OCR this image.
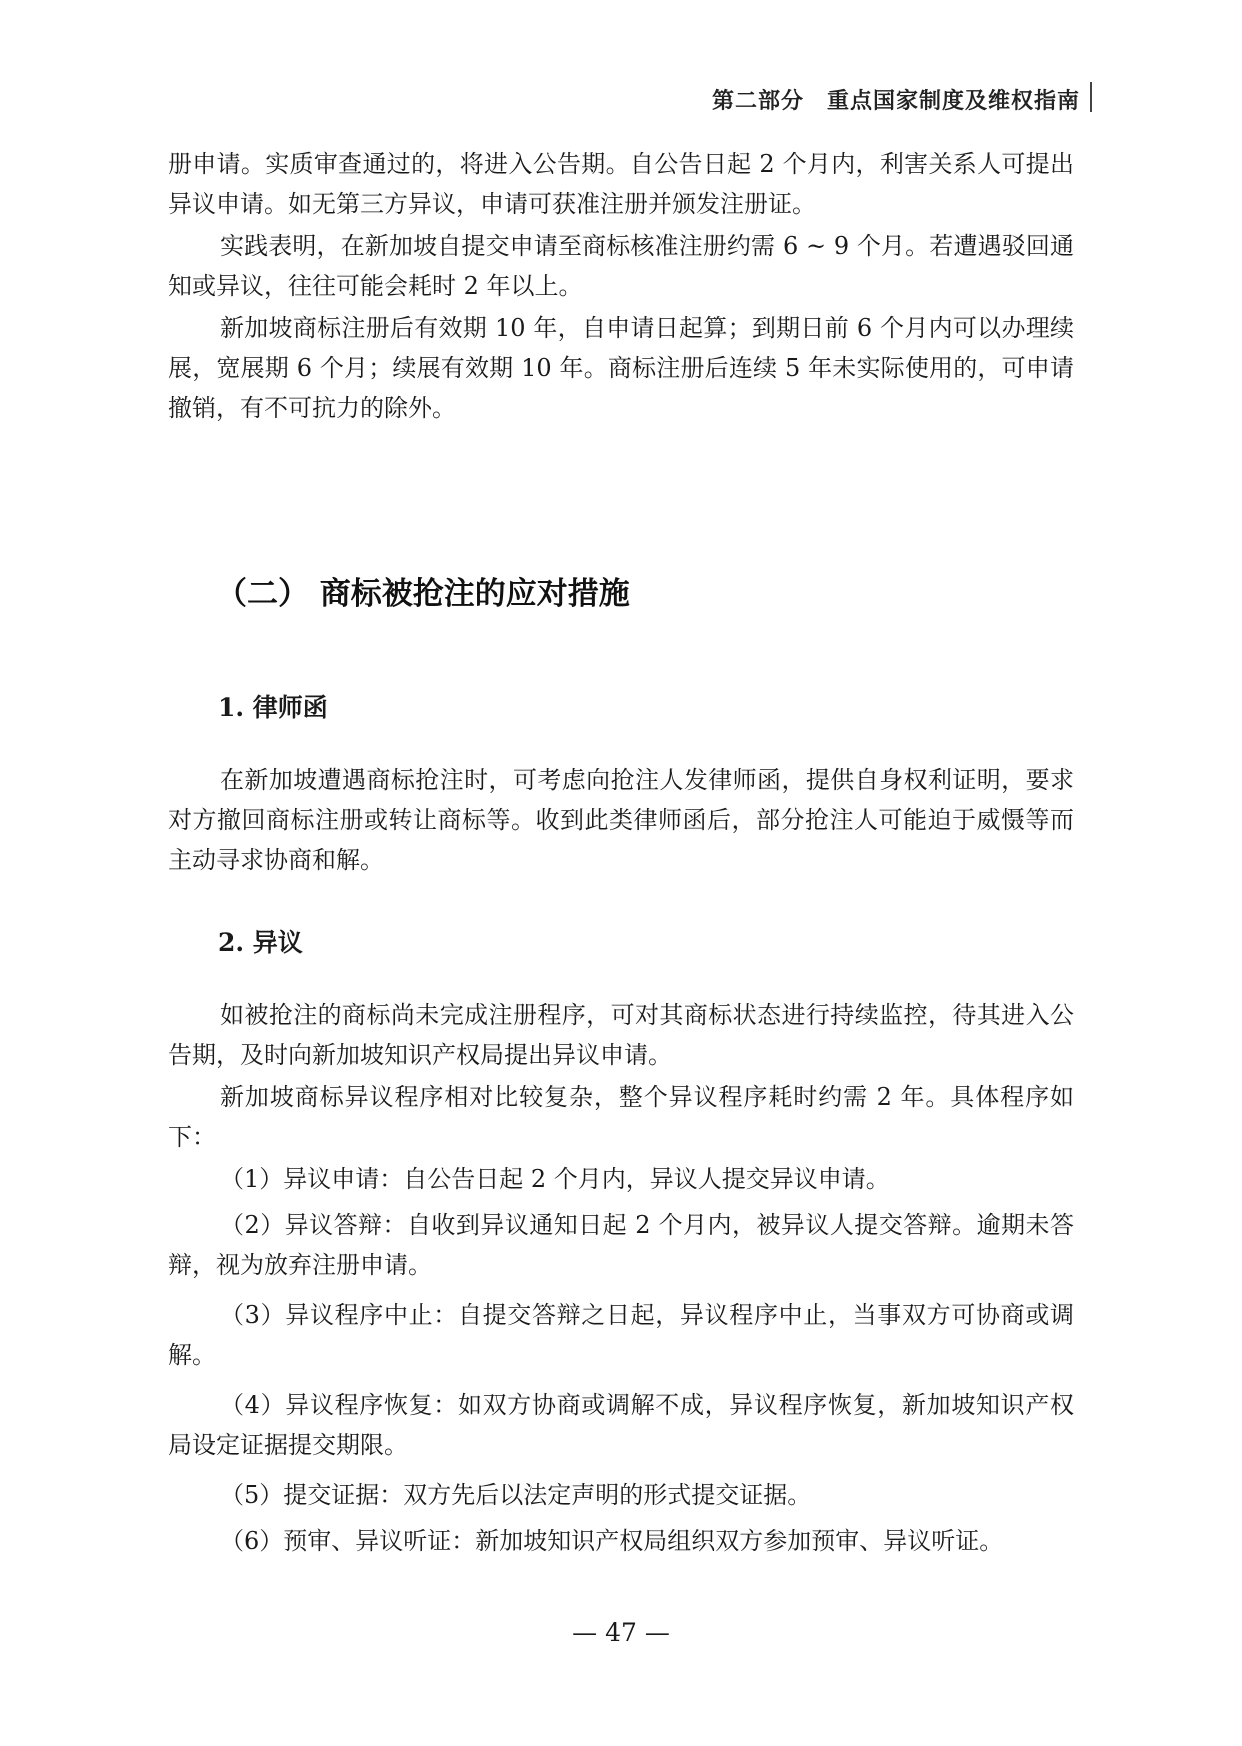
第二部分　重点国家制度及维权指南

册申请。实质审查通过的，将进入公告期。自公告日起 2 个月内，利害关系人可提出异议申请。如无第三方异议，申请可获准注册并颁发注册证。

实践表明，在新加坡自提交申请至商标核准注册约需 6 ~ 9 个月。若遭遇驳回通知或异议，往往可能会耗时 2 年以上。

新加坡商标注册后有效期 10 年，自申请日起算；到期日前 6 个月内可以办理续展，宽展期 6 个月；续展有效期 10 年。商标注册后连续 5 年未实际使用的，可申请撤销，有不可抗力的除外。

（二） 商标被抢注的应对措施
1. 律师函

在新加坡遭遇商标抢注时，可考虑向抢注人发律师函，提供自身权利证明，要求对方撤回商标注册或转让商标等。收到此类律师函后，部分抢注人可能迫于威慑等而主动寻求协商和解。

2. 异议

如被抢注的商标尚未完成注册程序，可对其商标状态进行持续监控，待其进入公告期，及时向新加坡知识产权局提出异议申请。

新加坡商标异议程序相对比较复杂，整个异议程序耗时约需 2 年。具体程序如下：

（1）异议申请：自公告日起 2 个月内，异议人提交异议申请。

（2）异议答辩：自收到异议通知日起 2 个月内，被异议人提交答辩。逾期未答辩，视为放弃注册申请。

（3）异议程序中止：自提交答辩之日起，异议程序中止，当事双方可协商或调解。

（4）异议程序恢复：如双方协商或调解不成，异议程序恢复，新加坡知识产权局设定证据提交期限。

（5）提交证据：双方先后以法定声明的形式提交证据。

（6）预审、异议听证：新加坡知识产权局组织双方参加预审、异议听证。

— 47 —
